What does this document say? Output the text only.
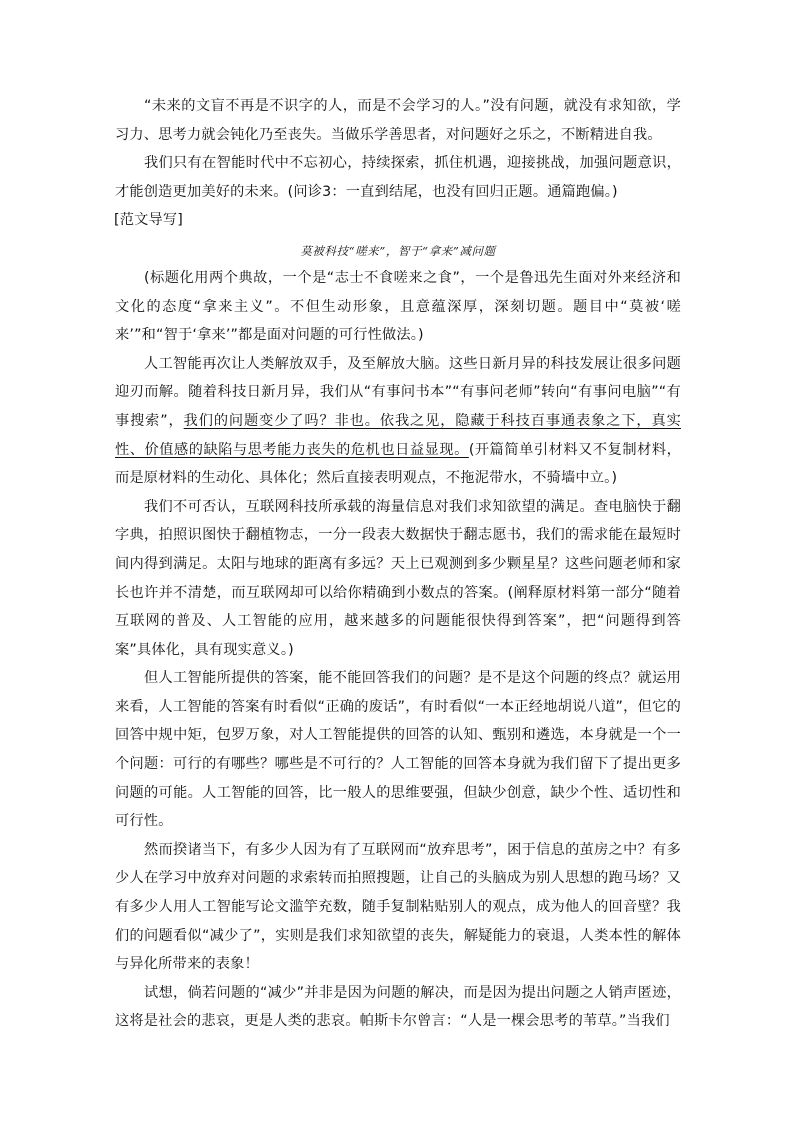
“未来的文盲不再是不识字的人，而是不会学习的人。”没有问题，就没有求知欲，学习力、思考力就会钝化乃至丧失。当做乐学善思者，对问题好之乐之，不断精进自我。

我们只有在智能时代中不忘初心，持续探索，抓住机遇，迎接挑战，加强问题意识，才能创造更加美好的未来。(问诊3：一直到结尾，也没有回归正题。通篇跑偏。)

[范文导写]

莫被科技“嗟来”，智于“拿来”减问题

(标题化用两个典故，一个是“志士不食嗟来之食”，一个是鲁迅先生面对外来经济和文化的态度“拿来主义”。不但生动形象，且意蕴深厚，深刻切题。题目中“莫被‘嗟来’”和“智于‘拿来’”都是面对问题的可行性做法。)

人工智能再次让人类解放双手，及至解放大脑。这些日新月异的科技发展让很多问题迎刃而解。随着科技日新月异，我们从“有事问书本”“有事问老师”转向“有事问电脑”“有事搜索”，我们的问题变少了吗？非也。依我之见，隐藏于科技百事通表象之下，真实性、价值感的缺陷与思考能力丧失的危机也日益显现。(开篇简单引材料又不复制材料，而是原材料的生动化、具体化；然后直接表明观点，不拖泥带水，不骑墙中立。)

我们不可否认，互联网科技所承载的海量信息对我们求知欲望的满足。查电脑快于翻字典，拍照识图快于翻植物志，一分一段表大数据快于翻志愿书，我们的需求能在最短时间内得到满足。太阳与地球的距离有多远？天上已观测到多少颗星星？这些问题老师和家长也许并不清楚，而互联网却可以给你精确到小数点的答案。(阐释原材料第一部分“随着互联网的普及、人工智能的应用，越来越多的问题能很快得到答案”，把“问题得到答案”具体化，具有现实意义。)

但人工智能所提供的答案，能不能回答我们的问题？是不是这个问题的终点？就运用来看，人工智能的答案有时看似“正确的废话”，有时看似“一本正经地胡说八道”，但它的回答中规中矩，包罗万象，对人工智能提供的回答的认知、甄别和遴选，本身就是一个一个问题：可行的有哪些？哪些是不可行的？人工智能的回答本身就为我们留下了提出更多问题的可能。人工智能的回答，比一般人的思维要强，但缺少创意，缺少个性、适切性和可行性。

然而揆诸当下，有多少人因为有了互联网而“放弃思考”，困于信息的茧房之中？有多少人在学习中放弃对问题的求索转而拍照搜题，让自己的头脑成为别人思想的跑马场？又有多少人用人工智能写论文滥竽充数，随手复制粘贴别人的观点，成为他人的回音壁？我们的问题看似“减少了”，实则是我们求知欲望的丧失，解疑能力的衰退，人类本性的解体与异化所带来的表象！

试想，倘若问题的“减少”并非是因为问题的解决，而是因为提出问题之人销声匿迹，这将是社会的悲哀，更是人类的悲哀。帕斯卡尔曾言：“人是一棵会思考的苇草。”当我们
